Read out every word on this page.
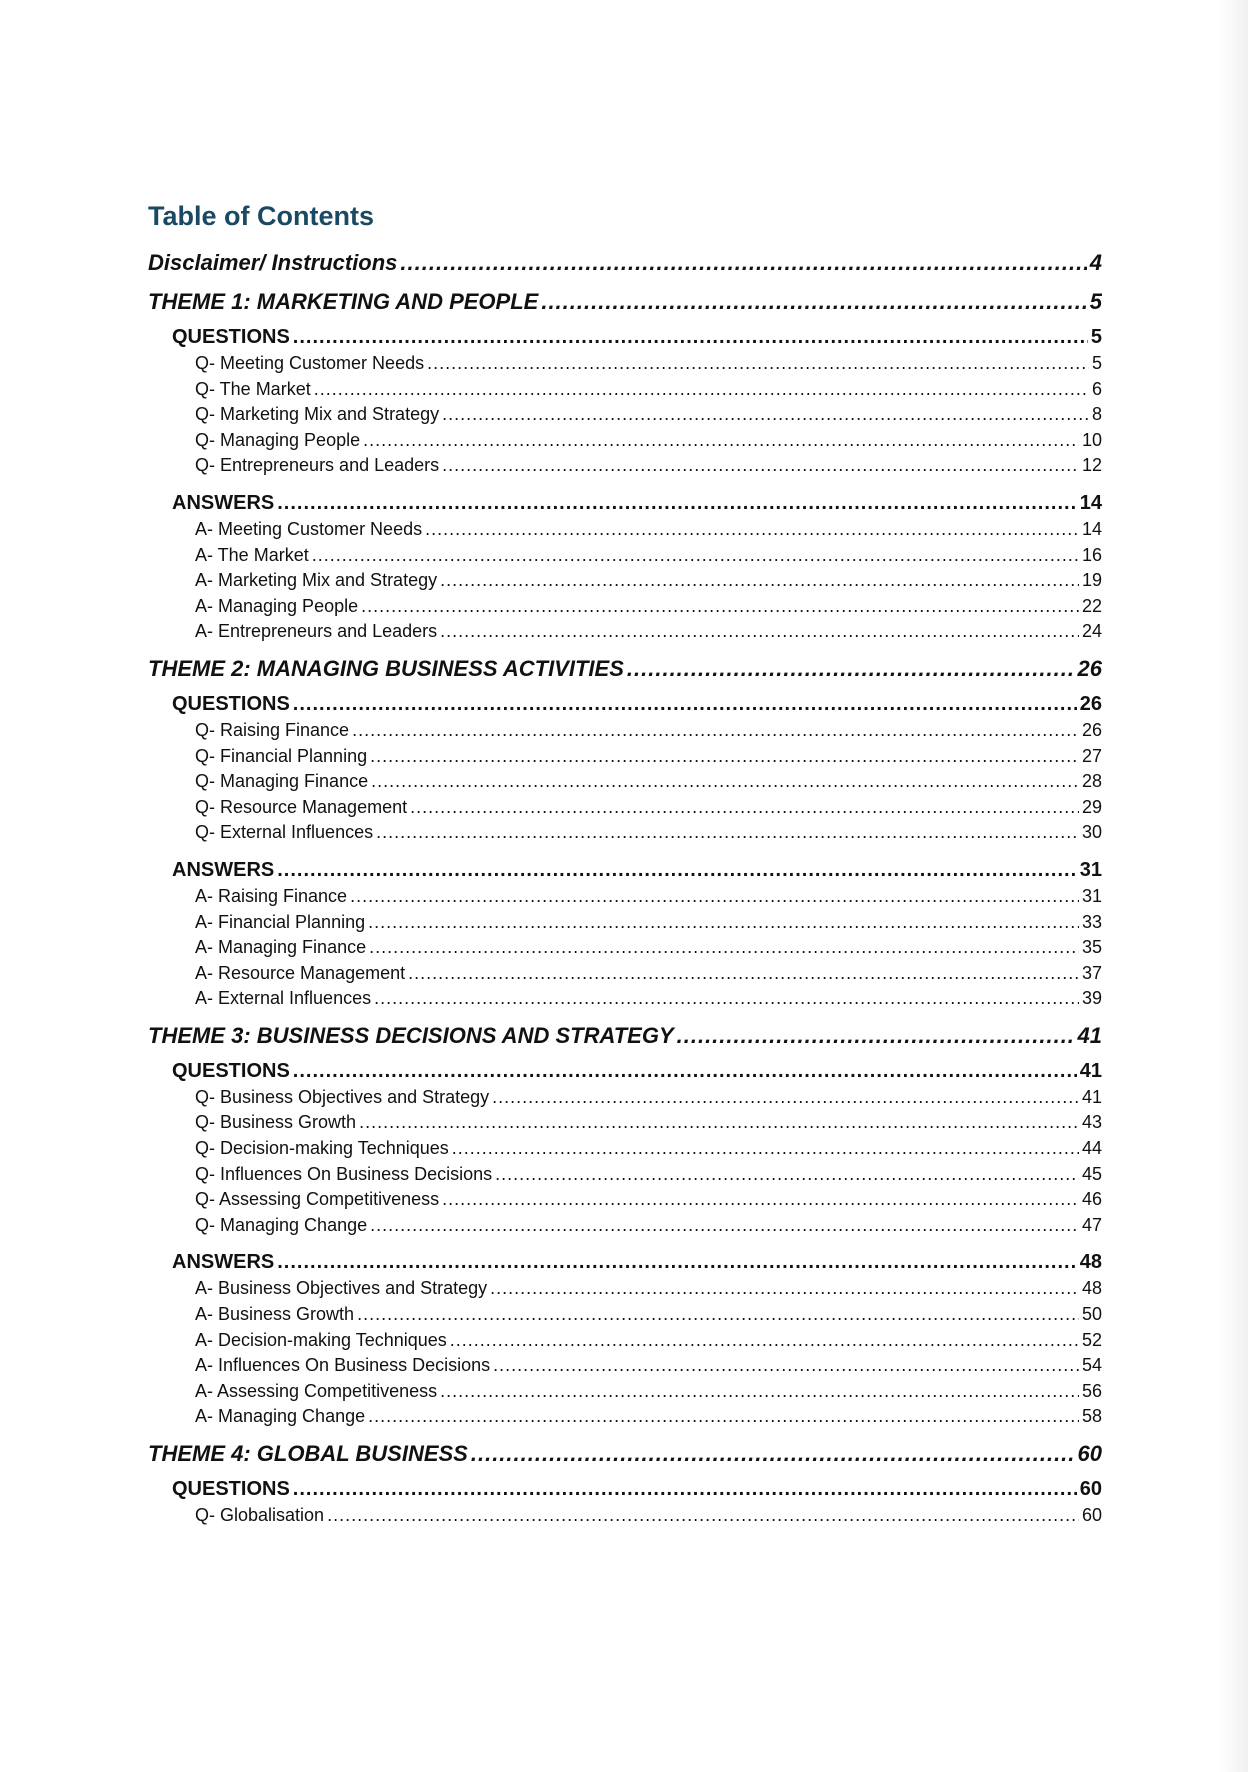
Table of Contents
Disclaimer/ Instructions .....	4
THEME 1: MARKETING AND PEOPLE .....	5
QUESTIONS .....	5
Q- Meeting Customer Needs .....	5
Q- The Market .....	6
Q- Marketing Mix and Strategy .....	8
Q- Managing People .....	10
Q- Entrepreneurs and Leaders .....	12
ANSWERS .....	14
A- Meeting Customer Needs .....	14
A- The Market .....	16
A- Marketing Mix and Strategy .....	19
A- Managing People .....	22
A- Entrepreneurs and Leaders .....	24
THEME 2: MANAGING BUSINESS ACTIVITIES .....	26
QUESTIONS .....	26
Q- Raising Finance .....	26
Q- Financial Planning .....	27
Q- Managing Finance .....	28
Q- Resource Management .....	29
Q- External Influences .....	30
ANSWERS .....	31
A- Raising Finance .....	31
A- Financial Planning .....	33
A- Managing Finance .....	35
A- Resource Management .....	37
A- External Influences .....	39
THEME 3: BUSINESS DECISIONS AND STRATEGY .....	41
QUESTIONS .....	41
Q- Business Objectives and Strategy .....	41
Q- Business Growth .....	43
Q- Decision-making Techniques .....	44
Q- Influences On Business Decisions .....	45
Q- Assessing Competitiveness .....	46
Q- Managing Change .....	47
ANSWERS .....	48
A- Business Objectives and Strategy .....	48
A- Business Growth .....	50
A- Decision-making Techniques .....	52
A- Influences On Business Decisions .....	54
A- Assessing Competitiveness .....	56
A- Managing Change .....	58
THEME 4: GLOBAL BUSINESS .....	60
QUESTIONS .....	60
Q- Globalisation .....	60
